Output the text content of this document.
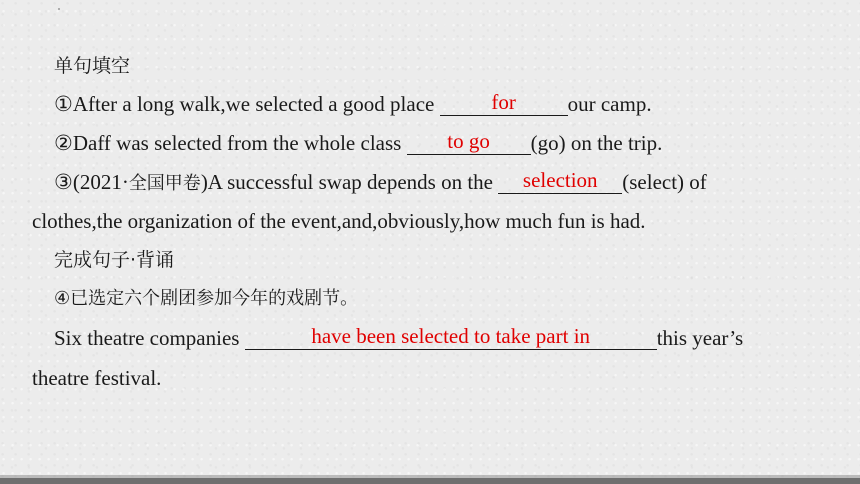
单句填空
①After a long walk,we selected a good place for our camp.
②Daff was selected from the whole class to go (go) on the trip.
③(2021·全国甲卷)A successful swap depends on the selection (select) of
clothes,the organization of the event,and,obviously,how much fun is had.
完成句子·背诵
④已选定六个剧团参加今年的戏剧节。
Six theatre companies	have been selected to take part in	this year’s
theatre festival.
